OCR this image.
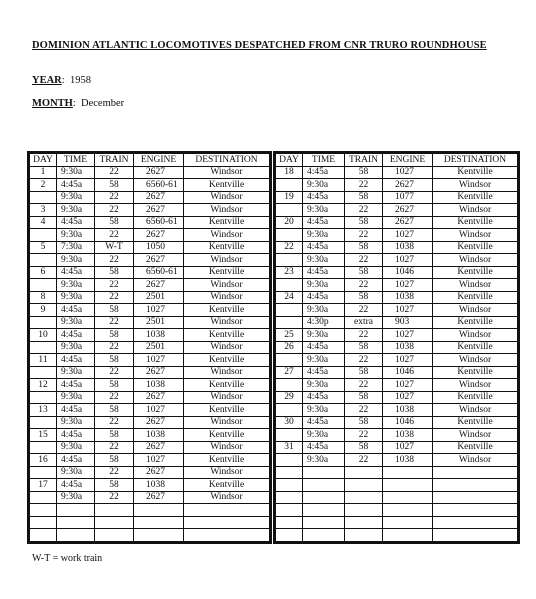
DOMINION ATLANTIC LOCOMOTIVES DESPATCHED FROM CNR TRURO ROUNDHOUSE
YEAR:  1958
MONTH:  December
DAY	TIME	TRAIN	ENGINE	DESTINATION
1	9:30a	22	2627	Windsor
2	4:45a	58	6560-61	Kentville
	9:30a	22	2627	Windsor
3	9:30a	22	2627	Windsor
4	4:45a	58	6560-61	Kentville
	9:30a	22	2627	Windsor
5	7:30a	W-T	1050	Kentville
	9:30a	22	2627	Windsor
6	4:45a	58	6560-61	Kentville
	9:30a	22	2627	Windsor
8	9:30a	22	2501	Windsor
9	4:45a	58	1027	Kentville
	9:30a	22	2501	Windsor
10	4:45a	58	1038	Kentville
	9:30a	22	2501	Windsor
11	4:45a	58	1027	Kentville
	9:30a	22	2627	Windsor
12	4:45a	58	1038	Kentville
	9:30a	22	2627	Windsor
13	4:45a	58	1027	Kentville
	9:30a	22	2627	Windsor
15	4:45a	58	1038	Kentville
	9:30a	22	2627	Windsor
16	4:45a	58	1027	Kentville
	9:30a	22	2627	Windsor
17	4:45a	58	1038	Kentville
	9:30a	22	2627	Windsor

DAY	TIME	TRAIN	ENGINE	DESTINATION
18	4:45a	58	1027	Kentville
	9:30a	22	2627	Windsor
19	4:45a	58	1077	Kentville
	9:30a	22	2627	Windsor
20	4:45a	58	2627	Kentville
	9:30a	22	1027	Windsor
22	4:45a	58	1038	Kentville
	9:30a	22	1027	Windsor
23	4:45a	58	1046	Kentville
	9:30a	22	1027	Windsor
24	4:45a	58	1038	Kentville
	9:30a	22	1027	Windsor
	4:30p	extra	903	Kentville
25	9:30a	22	1027	Windsor
26	4:45a	58	1038	Kentville
	9:30a	22	1027	Windsor
27	4:45a	58	1046	Kentville
	9:30a	22	1027	Windsor
29	4:45a	58	1027	Kentville
	9:30a	22	1038	Windsor
30	4:45a	58	1046	Kentville
	9:30a	22	1038	Windsor
31	4:45a	58	1027	Kentville
	9:30a	22	1038	Windsor

W-T = work train
